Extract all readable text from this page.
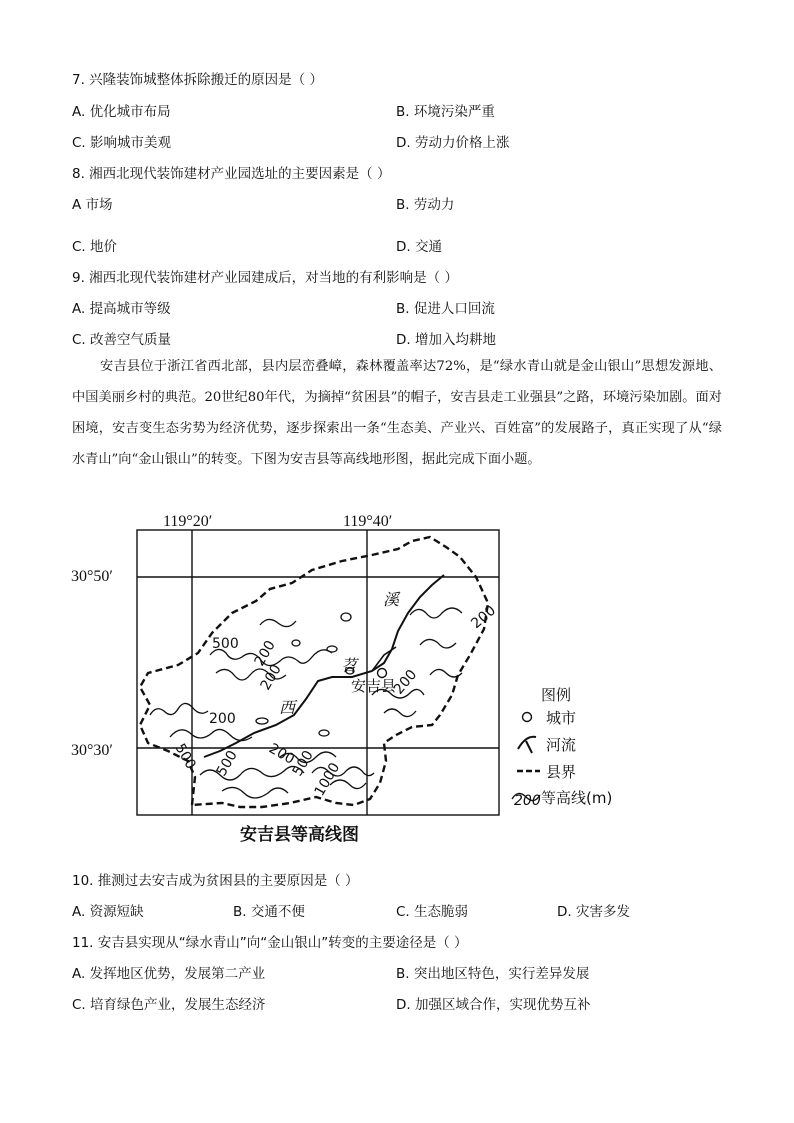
7. 兴隆装饰城整体拆除搬迁的原因是（ ）
A. 优化城市布局	B. 环境污染严重
C. 影响城市美观	D. 劳动力价格上涨
8. 湘西北现代装饰建材产业园选址的主要因素是（ ）
A 市场	B. 劳动力
C. 地价	D. 交通
9. 湘西北现代装饰建材产业园建成后，对当地的有利影响是（ ）
A. 提高城市等级	B. 促进人口回流
C. 改善空气质量	D. 增加入均耕地

安吉县位于浙江省西北部，县内层峦叠嶂，森林覆盖率达72%，是“绿水青山就是金山银山”思想发源地、中国美丽乡村的典范。20世纪80年代，为摘掉“贫困县”的帽子，安吉县走工业强县”之路，环境污染加剧。面对困境，安吉变生态劣势为经济优势，逐步探索出一条“生态美、产业兴、百姓富”的发展路子，真正实现了从“绿水青山”向“金山银山”的转变。下图为安吉县等高线地形图，据此完成下面小题。

119°20′	119°40′
30°50′
30°30′
溪
苕
西
安吉县
500
200
200
200
200
200
500 500	500
200
1000
图例
城市
河流
县界
200 等高线(m)
安吉县等高线图
10. 推测过去安吉成为贫困县的主要原因是（ ）
A. 资源短缺	B. 交通不便	C. 生态脆弱	D. 灾害多发
11. 安吉县实现从“绿水青山”向“金山银山”转变的主要途径是（ ）
A. 发挥地区优势，发展第二产业	B. 突出地区特色，实行差异发展
C. 培育绿色产业，发展生态经济	D. 加强区域合作，实现优势互补
